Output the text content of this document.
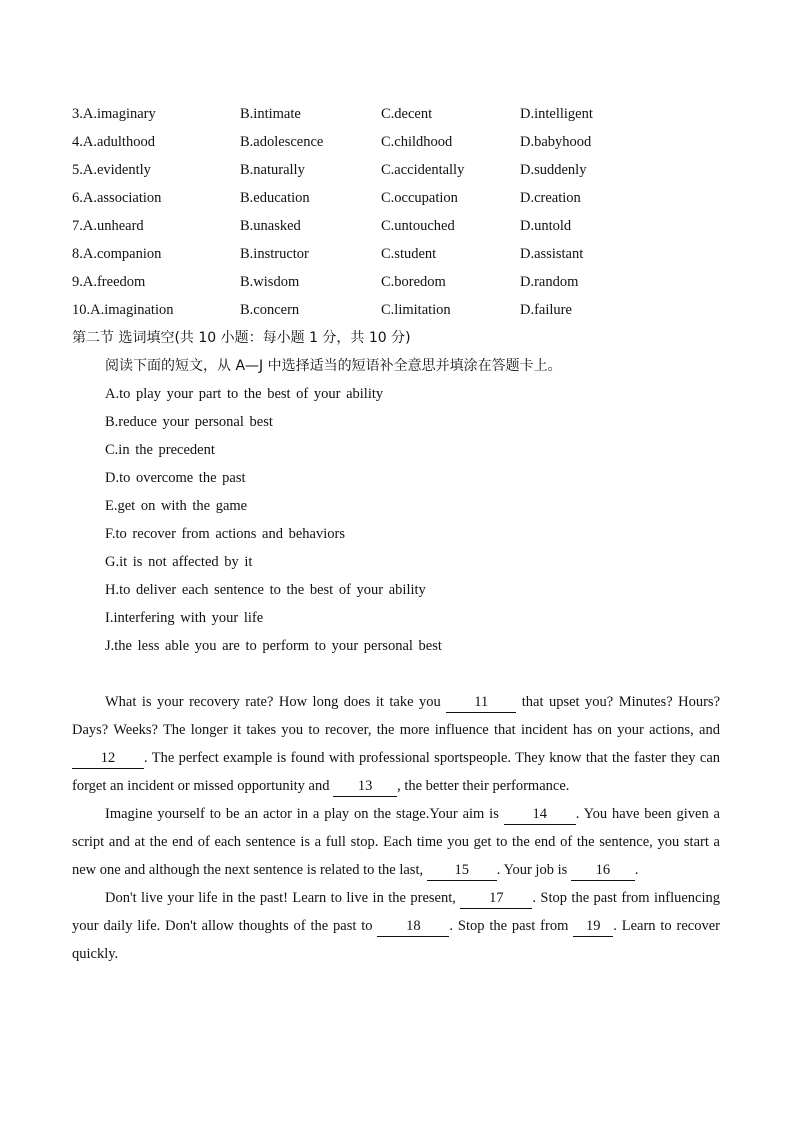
3.A.imaginary	B.intimate	C.decent	D.intelligent
4.A.adulthood	B.adolescence	C.childhood	D.babyhood
5.A.evidently	B.naturally	C.accidentally	D.suddenly
6.A.association	B.education	C.occupation	D.creation
7.A.unheard	B.unasked	C.untouched	D.untold
8.A.companion	B.instructor	C.student	D.assistant
9.A.freedom	B.wisdom	C.boredom	D.random
10.A.imagination	B.concern	C.limitation	D.failure
第二节 选词填空(共 10 小题：每小题 1 分，共 10 分)
阅读下面的短文，从 A—J 中选择适当的短语补全意思并填涂在答题卡上。
A.to play your part to the best of your ability
B.reduce your personal best
C.in the precedent
D.to overcome the past
E.get on with the game
F.to recover from actions and behaviors
G.it is not affected by it
H.to deliver each sentence to the best of your ability
I.interfering with your life
J.the less able you are to perform to your personal best

What is your recovery rate? How long does it take you 11 that upset you? Minutes? Hours? Days? Weeks? The longer it takes you to recover, the more influence that incident has on your actions, and 12 . The perfect example is found with professional sportspeople. They know that the faster they can forget an incident or missed opportunity and 13 , the better their performance.

Imagine yourself to be an actor in a play on the stage.Your aim is 14 . You have been given a script and at the end of each sentence is a full stop. Each time you get to the end of the sentence, you start a new one and although the next sentence is related to the last, 15 . Your job is 16 .

Don't live your life in the past! Learn to live in the present, 17 . Stop the past from influencing your daily life. Don't allow thoughts of the past to 18 . Stop the past from 19 . Learn to recover quickly.
